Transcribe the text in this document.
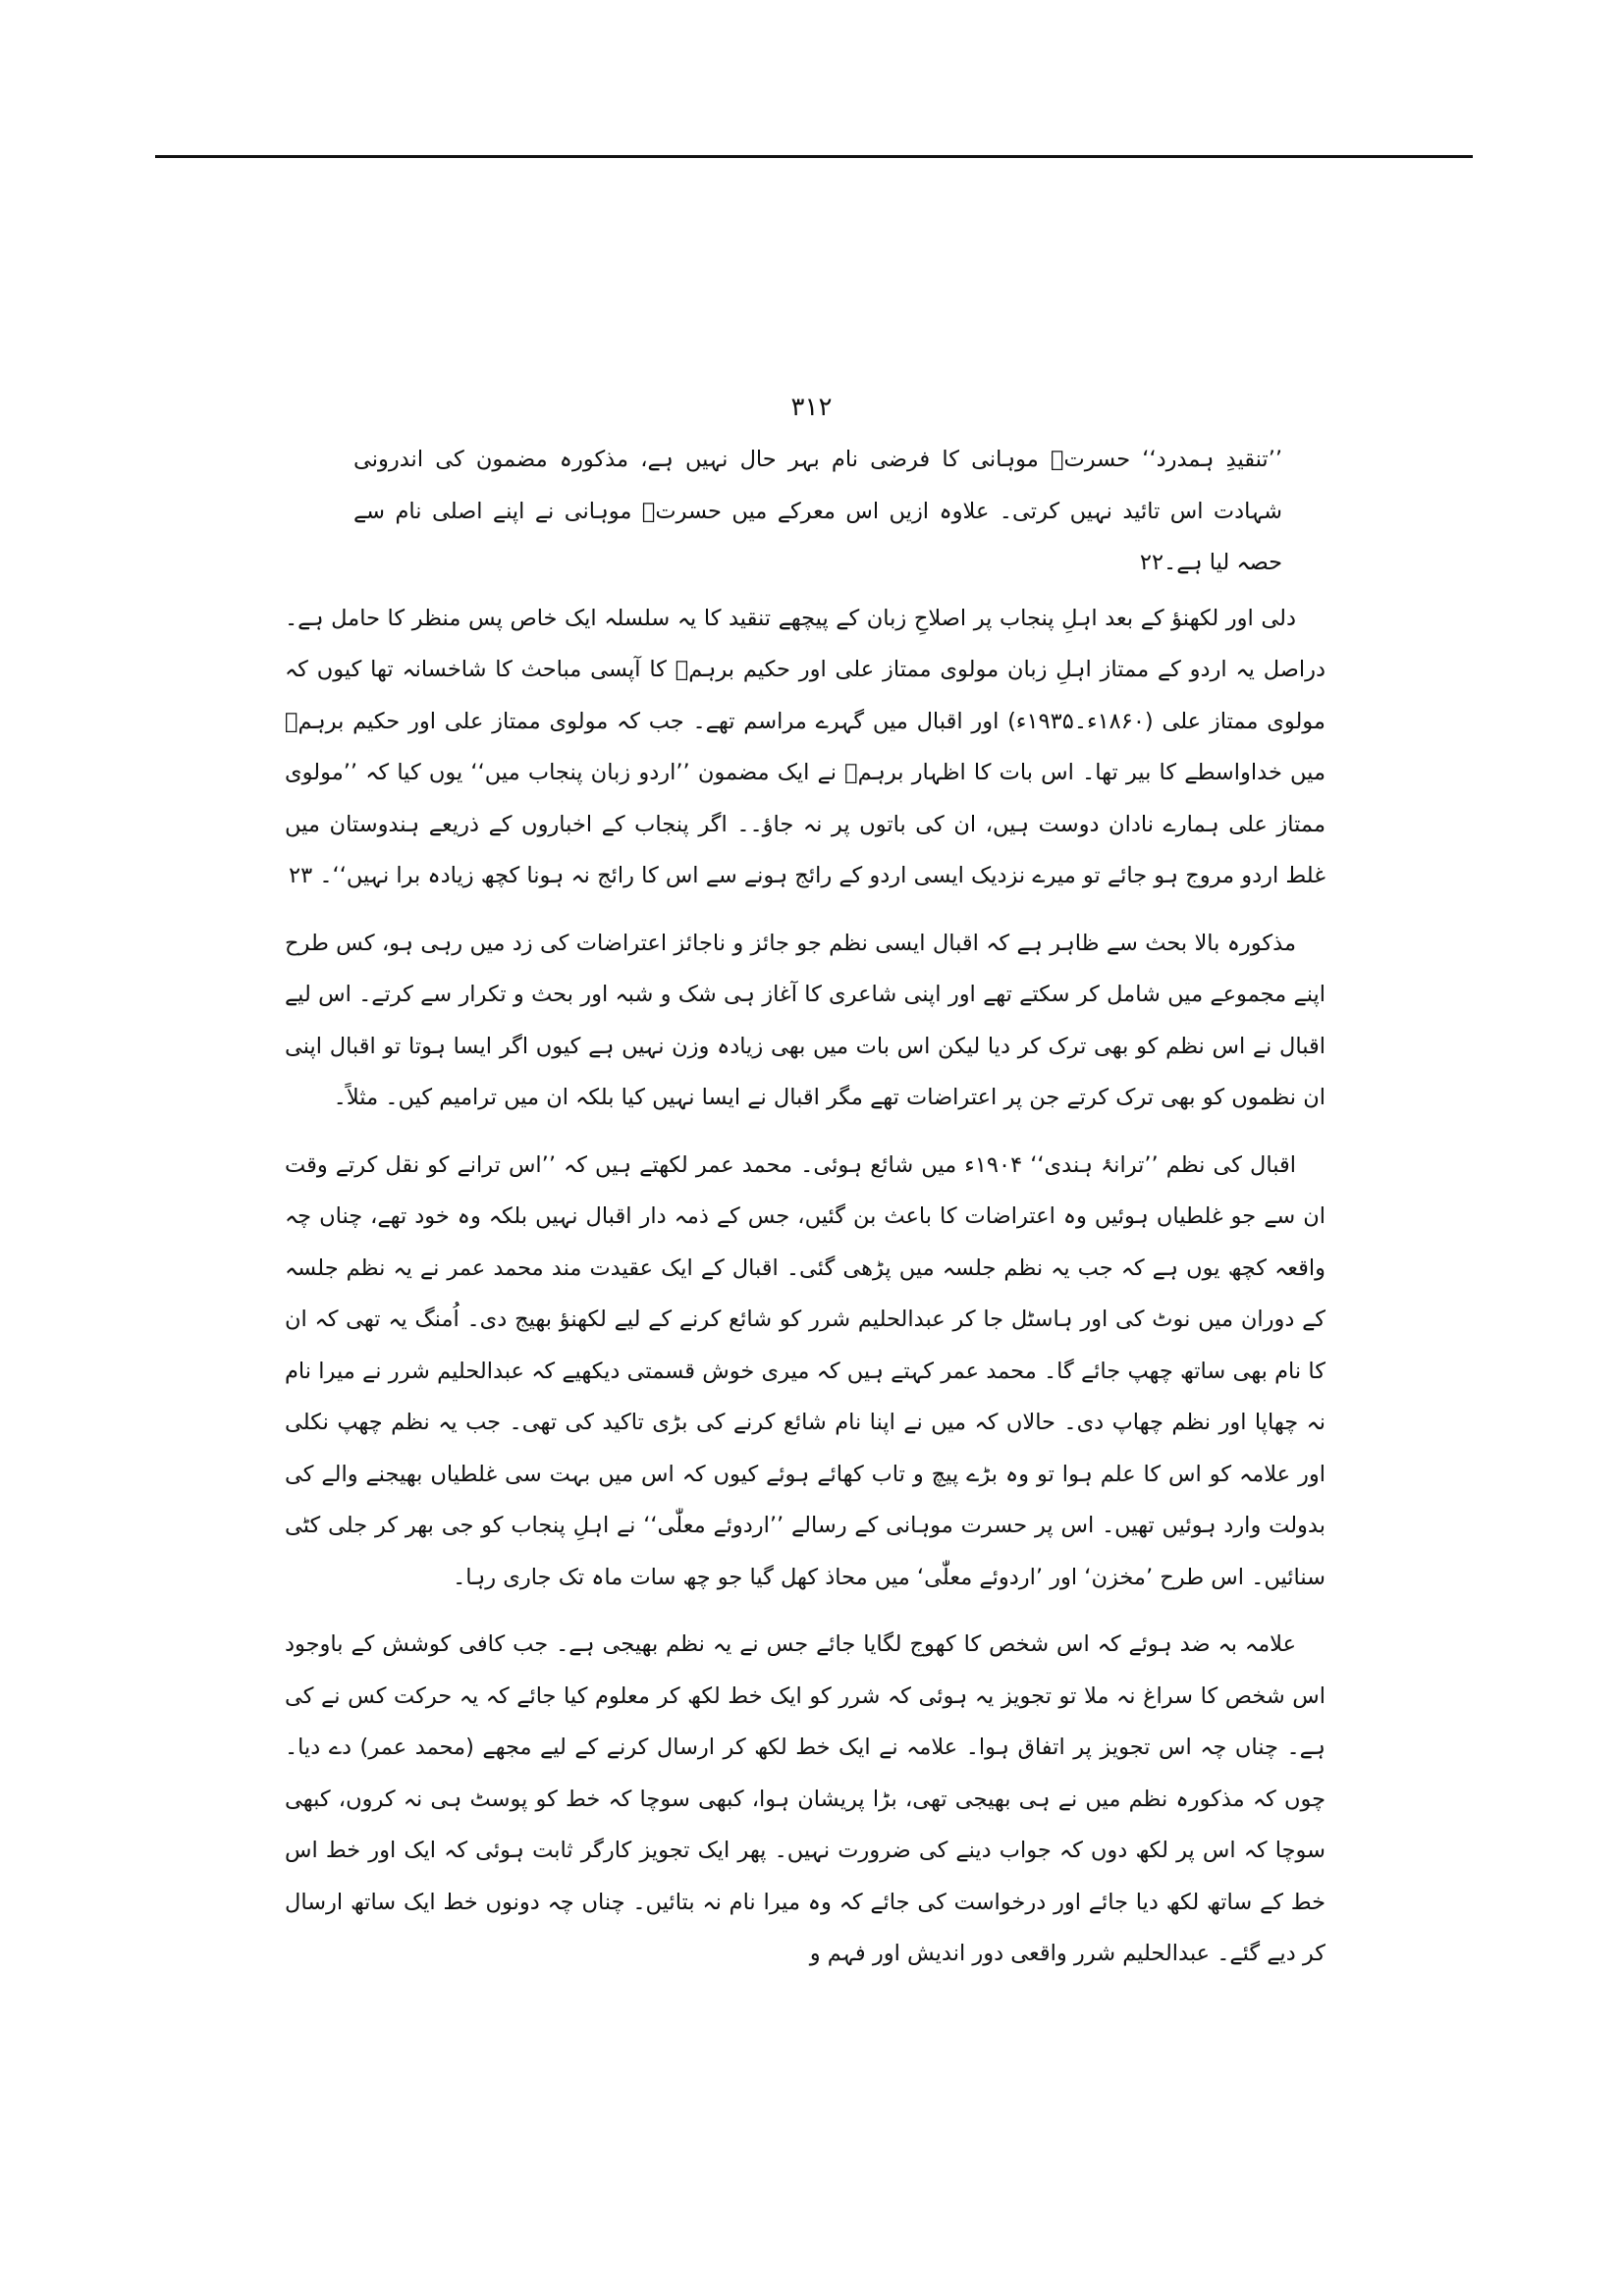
۳۱۲

’’تنقیدِ ہمدرد‘‘ حسرتؔ موہانی کا فرضی نام بہر حال نہیں ہے، مذکورہ مضمون کی اندرونی شہادت اس تائید نہیں کرتی۔ علاوہ ازیں اس معرکے میں حسرتؔ موہانی نے اپنے اصلی نام سے حصہ لیا ہے۔۲۲

دلی اور لکھنؤ کے بعد اہلِ پنجاب پر اصلاحِ زبان کے پیچھے تنقید کا یہ سلسلہ ایک خاص پس منظر کا حامل ہے۔ دراصل یہ اردو کے ممتاز اہلِ زبان مولوی ممتاز علی اور حکیم برہمؔ کا آپسی مباحث کا شاخسانہ تھا کیوں کہ مولوی ممتاز علی (۱۸۶۰ء۔۱۹۳۵ء) اور اقبال میں گہرے مراسم تھے۔ جب کہ مولوی ممتاز علی اور حکیم برہمؔ میں خداواسطے کا بیر تھا۔ اس بات کا اظہار برہمؔ نے ایک مضمون ’’اردو زبان پنجاب میں‘‘ یوں کیا کہ ’’مولوی ممتاز علی ہمارے نادان دوست ہیں، ان کی باتوں پر نہ جاؤ۔۔ اگر پنجاب کے اخباروں کے ذریعے ہندوستان میں غلط اردو مروج ہو جائے تو میرے نزدیک ایسی اردو کے رائج ہونے سے اس کا رائج نہ ہونا کچھ زیادہ برا نہیں‘‘۔ ۲۳

مذکورہ بالا بحث سے ظاہر ہے کہ اقبال ایسی نظم جو جائز و ناجائز اعتراضات کی زد میں رہی ہو، کس طرح اپنے مجموعے میں شامل کر سکتے تھے اور اپنی شاعری کا آغاز ہی شک و شبہ اور بحث و تکرار سے کرتے۔ اس لیے اقبال نے اس نظم کو بھی ترک کر دیا لیکن اس بات میں بھی زیادہ وزن نہیں ہے کیوں اگر ایسا ہوتا تو اقبال اپنی ان نظموں کو بھی ترک کرتے جن پر اعتراضات تھے مگر اقبال نے ایسا نہیں کیا بلکہ ان میں ترامیم کیں۔ مثلاً۔

اقبال کی نظم ’’ترانۂ ہندی‘‘ ۱۹۰۴ء میں شائع ہوئی۔ محمد عمر لکھتے ہیں کہ ’’اس ترانے کو نقل کرتے وقت ان سے جو غلطیاں ہوئیں وہ اعتراضات کا باعث بن گئیں، جس کے ذمہ دار اقبال نہیں بلکہ وہ خود تھے، چناں چہ واقعہ کچھ یوں ہے کہ جب یہ نظم جلسہ میں پڑھی گئی۔ اقبال کے ایک عقیدت مند محمد عمر نے یہ نظم جلسہ کے دوران میں نوٹ کی اور ہاسٹل جا کر عبدالحلیم شرر کو شائع کرنے کے لیے لکھنؤ بھیج دی۔ اُمنگ یہ تھی کہ ان کا نام بھی ساتھ چھپ جائے گا۔ محمد عمر کہتے ہیں کہ میری خوش قسمتی دیکھیے کہ عبدالحلیم شرر نے میرا نام نہ چھاپا اور نظم چھاپ دی۔ حالاں کہ میں نے اپنا نام شائع کرنے کی بڑی تاکید کی تھی۔ جب یہ نظم چھپ نکلی اور علامہ کو اس کا علم ہوا تو وہ بڑے پیچ و تاب کھائے ہوئے کیوں کہ اس میں بہت سی غلطیاں بھیجنے والے کی بدولت وارد ہوئیں تھیں۔ اس پر حسرت موہانی کے رسالے ’’اردوئے معلّٰی‘‘ نے اہلِ پنجاب کو جی بھر کر جلی کٹی سنائیں۔ اس طرح ’مخزن‘ اور ’اردوئے معلّٰی‘ میں محاذ کھل گیا جو چھ سات ماہ تک جاری رہا۔

علامہ بہ ضد ہوئے کہ اس شخص کا کھوج لگایا جائے جس نے یہ نظم بھیجی ہے۔ جب کافی کوشش کے باوجود اس شخص کا سراغ نہ ملا تو تجویز یہ ہوئی کہ شرر کو ایک خط لکھ کر معلوم کیا جائے کہ یہ حرکت کس نے کی ہے۔ چناں چہ اس تجویز پر اتفاق ہوا۔ علامہ نے ایک خط لکھ کر ارسال کرنے کے لیے مجھے (محمد عمر) دے دیا۔ چوں کہ مذکورہ نظم میں نے ہی بھیجی تھی، بڑا پریشان ہوا، کبھی سوچا کہ خط کو پوسٹ ہی نہ کروں، کبھی سوچا کہ اس پر لکھ دوں کہ جواب دینے کی ضرورت نہیں۔ پھر ایک تجویز کارگر ثابت ہوئی کہ ایک اور خط اس خط کے ساتھ لکھ دیا جائے اور درخواست کی جائے کہ وہ میرا نام نہ بتائیں۔ چناں چہ دونوں خط ایک ساتھ ارسال کر دیے گئے۔ عبدالحلیم شرر واقعی دور اندیش اور فہم و
